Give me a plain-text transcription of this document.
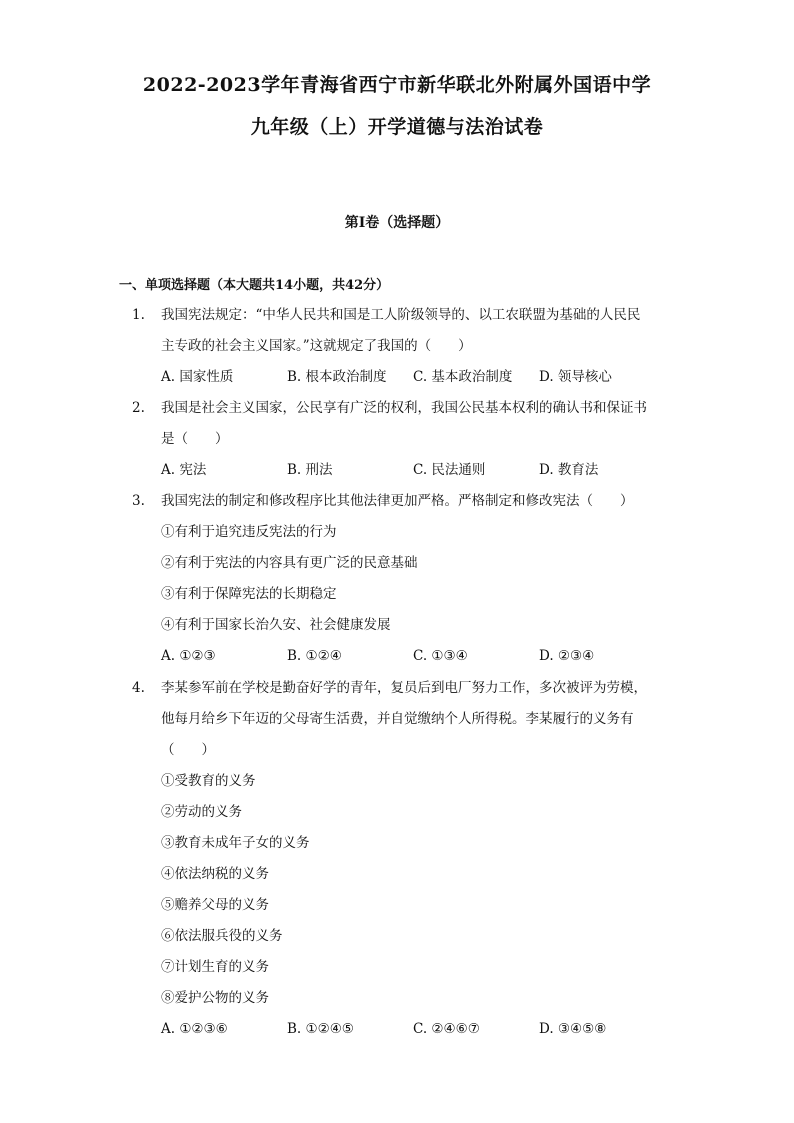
2022-2023学年青海省西宁市新华联北外附属外国语中学
九年级（上）开学道德与法治试卷
第I卷（选择题）
一、单项选择题（本大题共14小题，共42分）
1.	我国宪法规定：“中华人民共和国是工人阶级领导的、以工农联盟为基础的人民民
主专政的社会主义国家。”这就规定了我国的（　　）
A. 国家性质	B. 根本政治制度 C. 基本政治制度 D. 领导核心
2.	我国是社会主义国家，公民享有广泛的权利，我国公民基本权利的确认书和保证书
是（　　）
A. 宪法	B. 刑法	C. 民法通则	D. 教育法
3.	我国宪法的制定和修改程序比其他法律更加严格。严格制定和修改宪法（　　）
①有利于追究违反宪法的行为
②有利于宪法的内容具有更广泛的民意基础
③有利于保障宪法的长期稳定
④有利于国家长治久安、社会健康发展
A. ①②③	B. ①②④	C. ①③④	D. ②③④
4.	李某参军前在学校是勤奋好学的青年，复员后到电厂努力工作，多次被评为劳模，
他每月给乡下年迈的父母寄生活费，并自觉缴纳个人所得税。李某履行的义务有
（　　）
①受教育的义务
②劳动的义务
③教育未成年子女的义务
④依法纳税的义务
⑤赡养父母的义务
⑥依法服兵役的义务
⑦计划生育的义务
⑧爱护公物的义务
A. ①②③⑥	B. ①②④⑤	C. ②④⑥⑦	D. ③④⑤⑧
